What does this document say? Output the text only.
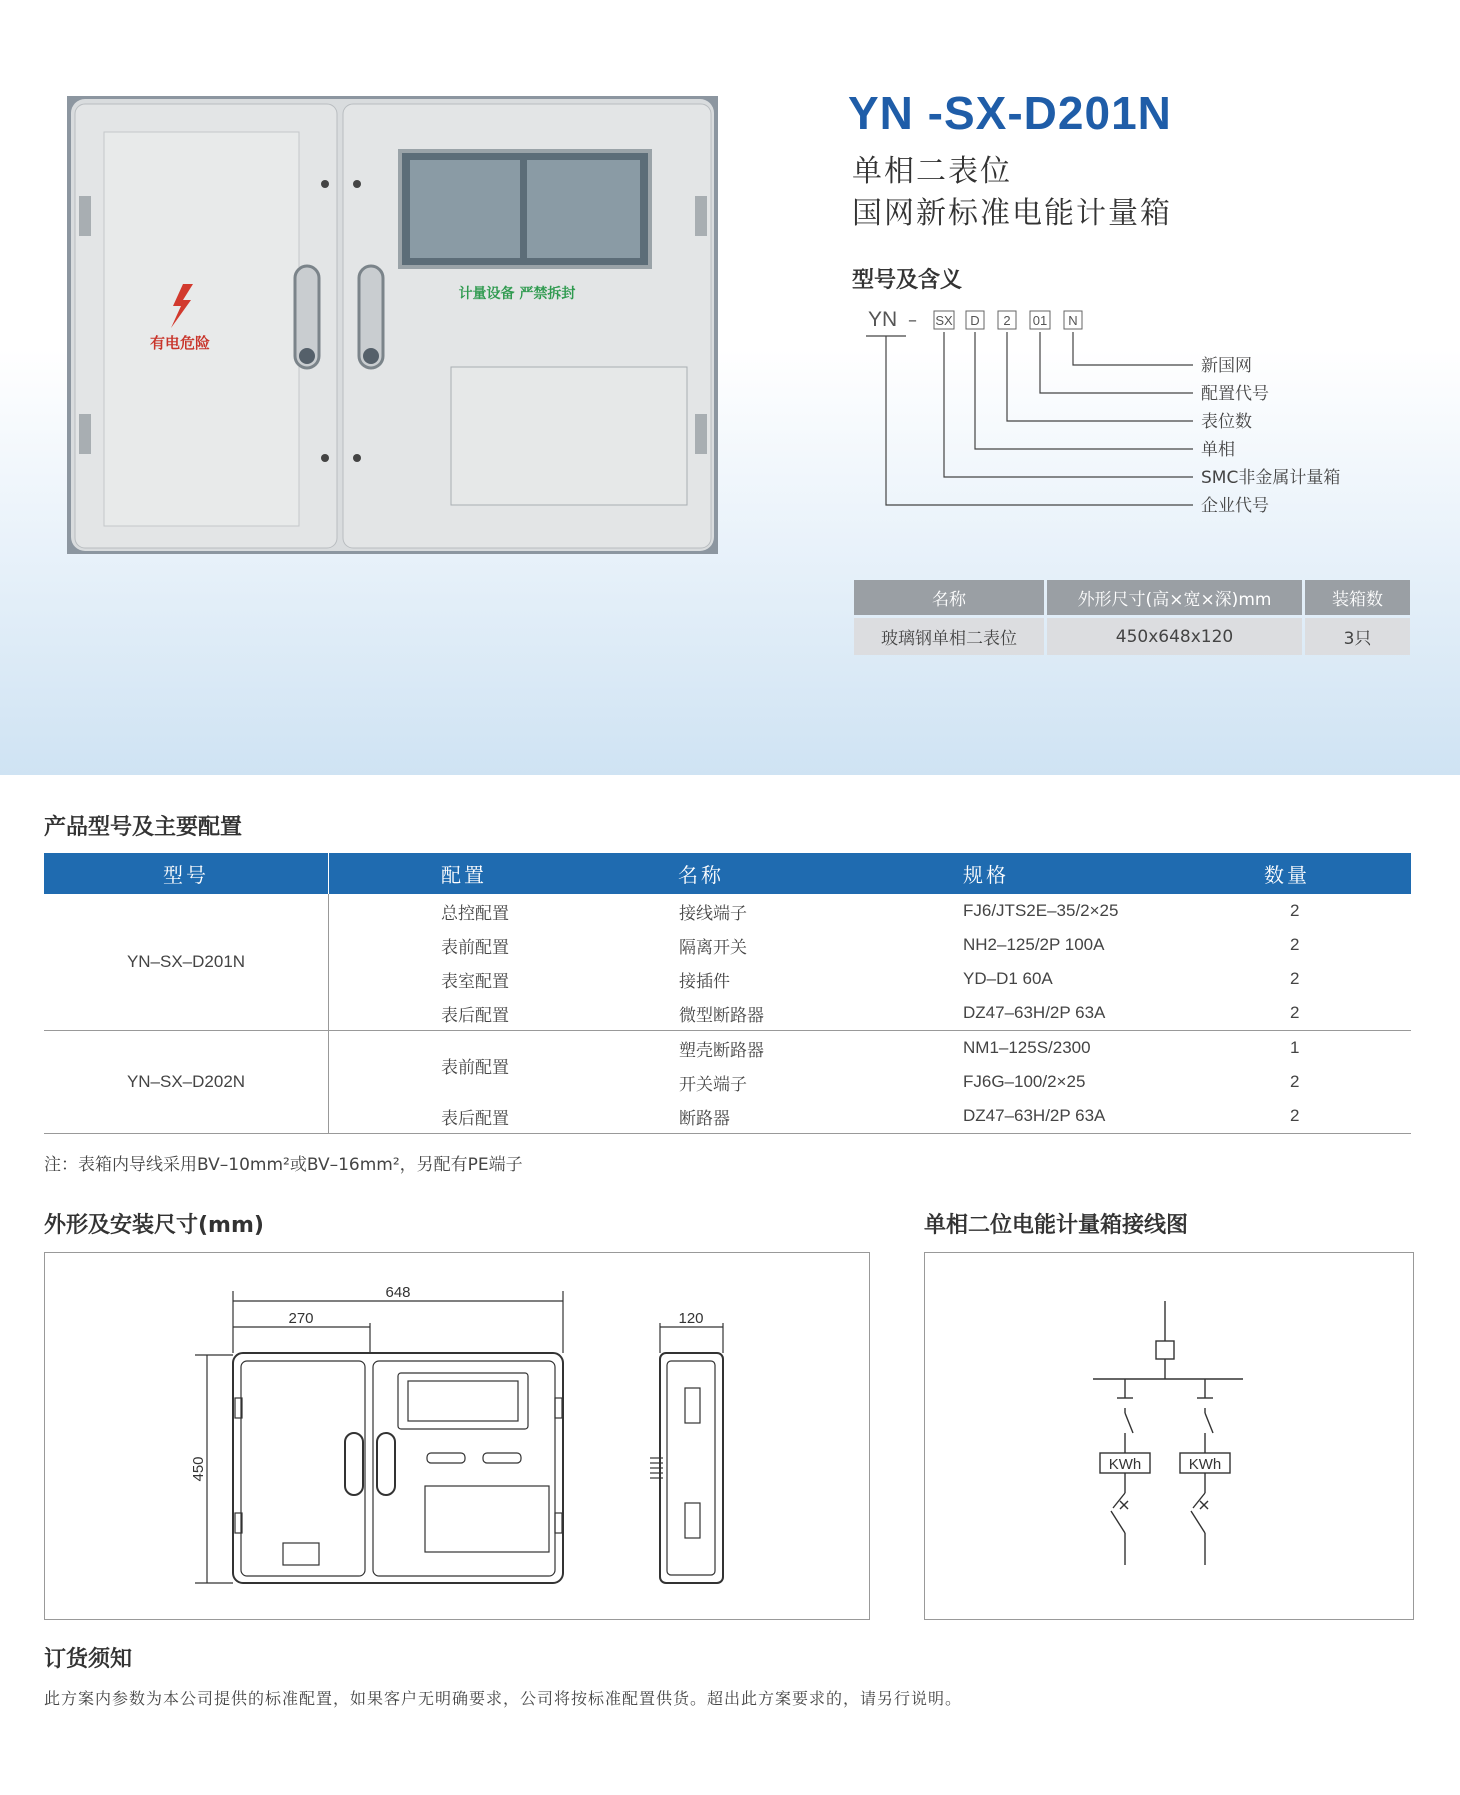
有电危险
计量设备 严禁拆封
YN -SX-D201N
单相二表位
国网新标准电能计量箱
型号及含义
YN – SX D 2 01 N
新国网
配置代号
表位数
单相
SMC非金属计量箱
企业代号
名称	外形尺寸(高×宽×深)mm	装箱数
玻璃钢单相二表位	450x648x120	3只
产品型号及主要配置
型号	配置	名称	规格	数量
YN–SX–D201N	总控配置	接线端子	FJ6/JTS2E–35/2×25	2
	表前配置	隔离开关	NH2–125/2P 100A	2
	表室配置	接插件	YD–D1 60A	2
	表后配置	微型断路器	DZ47–63H/2P 63A	2
YN–SX–D202N	表前配置	塑壳断路器	NM1–125S/2300	1
		开关端子	FJ6G–100/2×25	2
	表后配置	断路器	DZ47–63H/2P 63A	2
注：表箱内导线采用BV–10mm²或BV–16mm²，另配有PE端子
外形及安装尺寸(mm)	单相二位电能计量箱接线图
648
270
450
120
KWh	KWh
订货须知
此方案内参数为本公司提供的标准配置，如果客户无明确要求，公司将按标准配置供货。超出此方案要求的，请另行说明。
